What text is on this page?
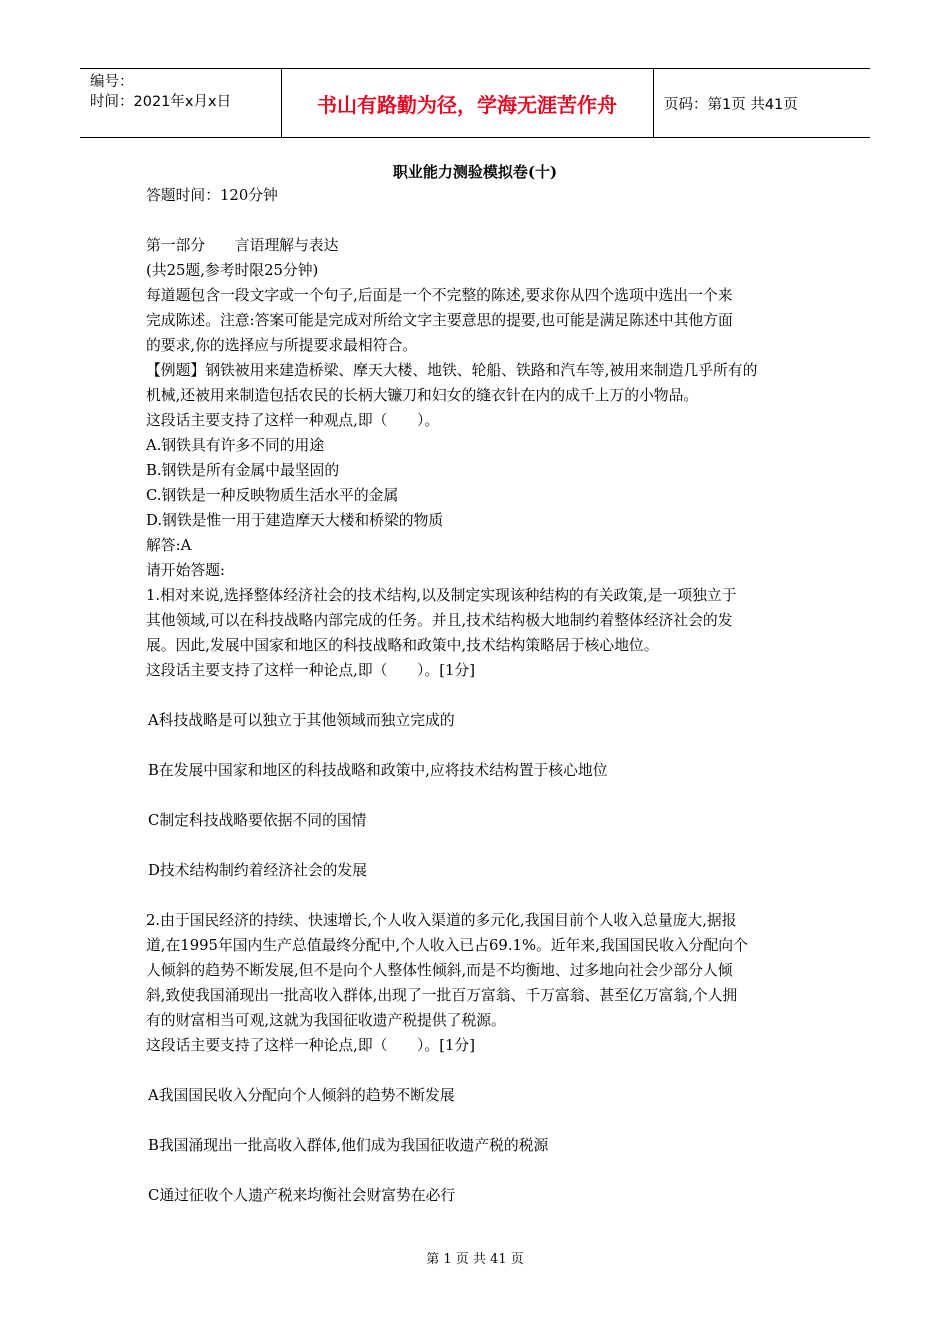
编号：
时间：2021年x月x日	书山有路勤为径，学海无涯苦作舟	页码：第1页 共41页
职业能力测验模拟卷(十)
答题时间：120分钟
第一部分　　言语理解与表达
(共25题,参考时限25分钟)
每道题包含一段文字或一个句子,后面是一个不完整的陈述,要求你从四个选项中选出一个来
完成陈述。注意:答案可能是完成对所给文字主要意思的提要,也可能是满足陈述中其他方面
的要求,你的选择应与所提要求最相符合。
【例题】钢铁被用来建造桥梁、摩天大楼、地铁、轮船、铁路和汽车等,被用来制造几乎所有的
机械,还被用来制造包括农民的长柄大镰刀和妇女的缝衣针在内的成千上万的小物品。
这段话主要支持了这样一种观点,即（　　）。
A.钢铁具有许多不同的用途
B.钢铁是所有金属中最坚固的
C.钢铁是一种反映物质生活水平的金属
D.钢铁是惟一用于建造摩天大楼和桥梁的物质
解答:A
请开始答题:
1.相对来说,选择整体经济社会的技术结构,以及制定实现该种结构的有关政策,是一项独立于
其他领域,可以在科技战略内部完成的任务。并且,技术结构极大地制约着整体经济社会的发
展。因此,发展中国家和地区的科技战略和政策中,技术结构策略居于核心地位。
这段话主要支持了这样一种论点,即（　　）。[1分]
A科技战略是可以独立于其他领域而独立完成的
B在发展中国家和地区的科技战略和政策中,应将技术结构置于核心地位
C制定科技战略要依据不同的国情
D技术结构制约着经济社会的发展
2.由于国民经济的持续、快速增长,个人收入渠道的多元化,我国目前个人收入总量庞大,据报
道,在1995年国内生产总值最终分配中,个人收入已占69.1%。近年来,我国国民收入分配向个
人倾斜的趋势不断发展,但不是向个人整体性倾斜,而是不均衡地、过多地向社会少部分人倾
斜,致使我国涌现出一批高收入群体,出现了一批百万富翁、千万富翁、甚至亿万富翁,个人拥
有的财富相当可观,这就为我国征收遗产税提供了税源。
这段话主要支持了这样一种论点,即（　　）。[1分]
A我国国民收入分配向个人倾斜的趋势不断发展
B我国涌现出一批高收入群体,他们成为我国征收遗产税的税源
C通过征收个人遗产税来均衡社会财富势在必行
第 1 页 共 41 页
